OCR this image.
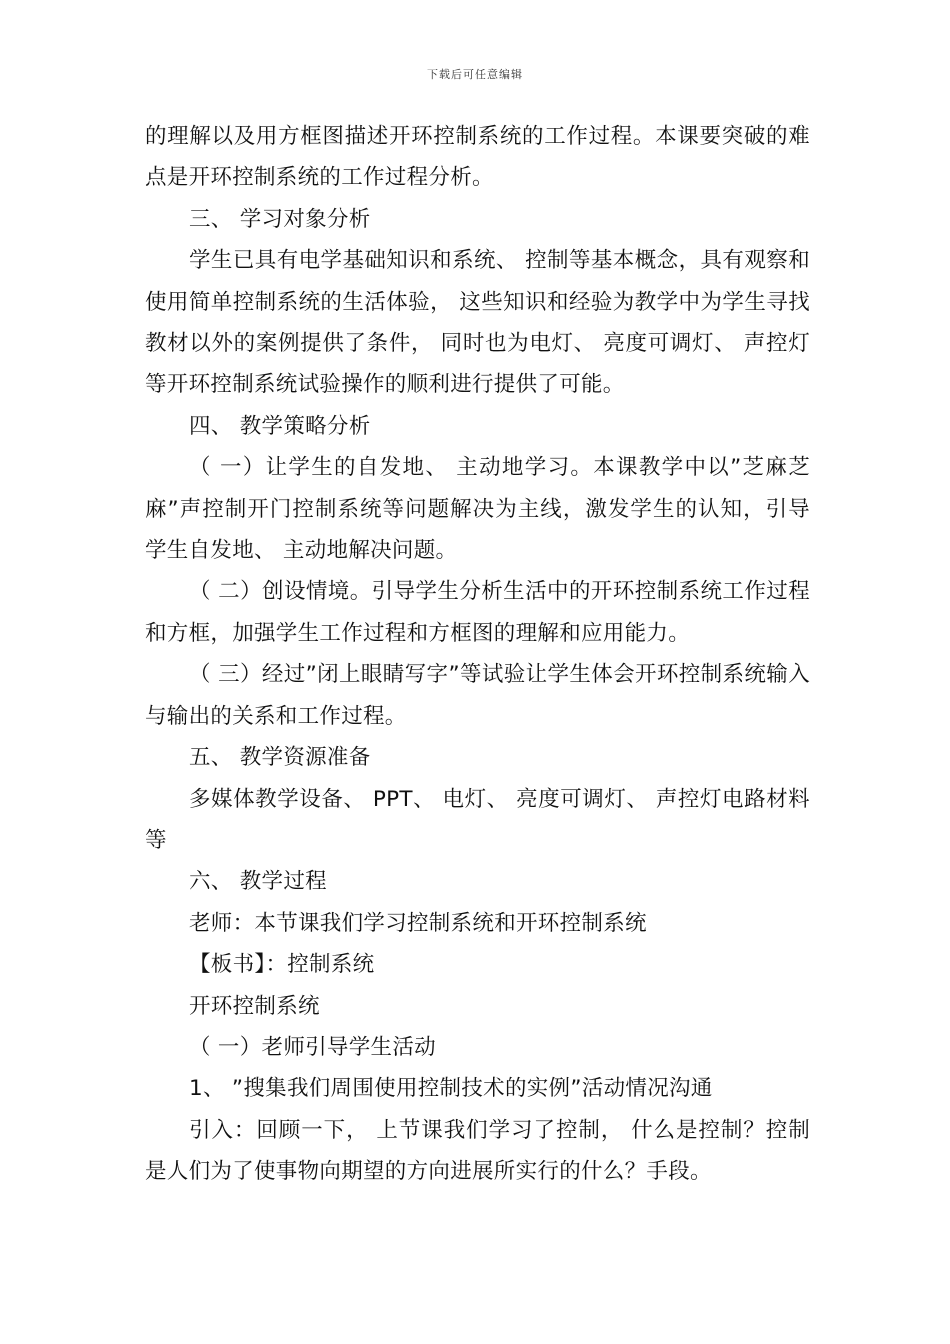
下载后可任意编辑

的理解以及用方框图描述开环控制系统的工作过程。本课要突破的难点是开环控制系统的工作过程分析。

三、 学习对象分析

学生已具有电学基础知识和系统、 控制等基本概念，具有观察和使用简单控制系统的生活体验， 这些知识和经验为教学中为学生寻找教材以外的案例提供了条件， 同时也为电灯、 亮度可调灯、 声控灯等开环控制系统试验操作的顺利进行提供了可能。

四、 教学策略分析

（ 一）让学生的自发地、 主动地学习。本课教学中以”芝麻芝麻”声控制开门控制系统等问题解决为主线，激发学生的认知，引导学生自发地、 主动地解决问题。

（ 二）创设情境。引导学生分析生活中的开环控制系统工作过程和方框，加强学生工作过程和方框图的理解和应用能力。

（ 三）经过”闭上眼睛写字”等试验让学生体会开环控制系统输入与输出的关系和工作过程。

五、 教学资源准备

多媒体教学设备、 PPT、 电灯、 亮度可调灯、 声控灯电路材料等

六、 教学过程

老师：本节课我们学习控制系统和开环控制系统

【板书】：控制系统

开环控制系统

（ 一）老师引导学生活动

1、 ”搜集我们周围使用控制技术的实例”活动情况沟通

引入：回顾一下， 上节课我们学习了控制， 什么是控制？控制是人们为了使事物向期望的方向进展所实行的什么？手段。
